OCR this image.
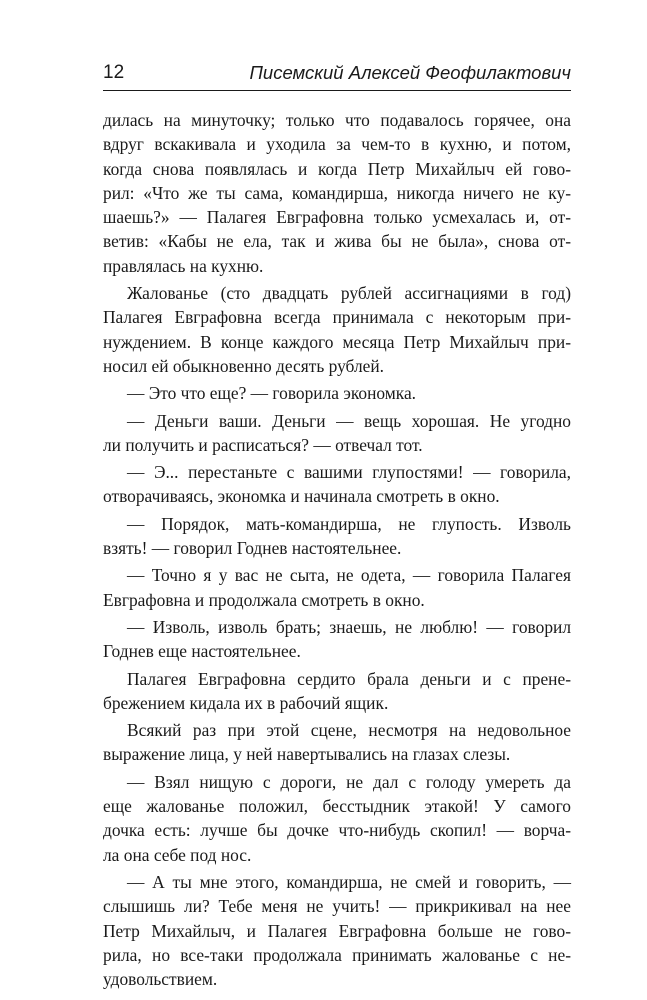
12	Писемский Алексей Феофилактович
дилась на минуточку; только что подавалось горячее, она
вдруг вскакивала и уходила за чем-то в кухню, и потом,
когда снова появлялась и когда Петр Михайлыч ей гово-
рил: «Что же ты сама, командирша, никогда ничего не ку-
шаешь?» — Палагея Евграфовна только усмехалась и, от-
ветив: «Кабы не ела, так и жива бы не была», снова от-
правлялась на кухню.
Жалованье (сто двадцать рублей ассигнациями в год)
Палагея Евграфовна всегда принимала с некоторым при-
нуждением. В конце каждого месяца Петр Михайлыч при-
носил ей обыкновенно десять рублей.
— Это что еще? — говорила экономка.
— Деньги ваши. Деньги — вещь хорошая. Не угодно
ли получить и расписаться? — отвечал тот.
— Э... перестаньте с вашими глупостями! — говорила,
отворачиваясь, экономка и начинала смотреть в окно.
— Порядок, мать-командирша, не глупость. Изволь
взять! — говорил Годнев настоятельнее.
— Точно я у вас не сыта, не одета, — говорила Палагея
Евграфовна и продолжала смотреть в окно.
— Изволь, изволь брать; знаешь, не люблю! — говорил
Годнев еще настоятельнее.
Палагея Евграфовна сердито брала деньги и с прене-
брежением кидала их в рабочий ящик.
Всякий раз при этой сцене, несмотря на недовольное
выражение лица, у ней навертывались на глазах слезы.
— Взял нищую с дороги, не дал с голоду умереть да
еще жалованье положил, бесстыдник этакой! У самого
дочка есть: лучше бы дочке что-нибудь скопил! — ворча-
ла она себе под нос.
— А ты мне этого, командирша, не смей и говорить, —
слышишь ли? Тебе меня не учить! — прикрикивал на нее
Петр Михайлыч, и Палагея Евграфовна больше не гово-
рила, но все-таки продолжала принимать жалованье с не-
удовольствием.
